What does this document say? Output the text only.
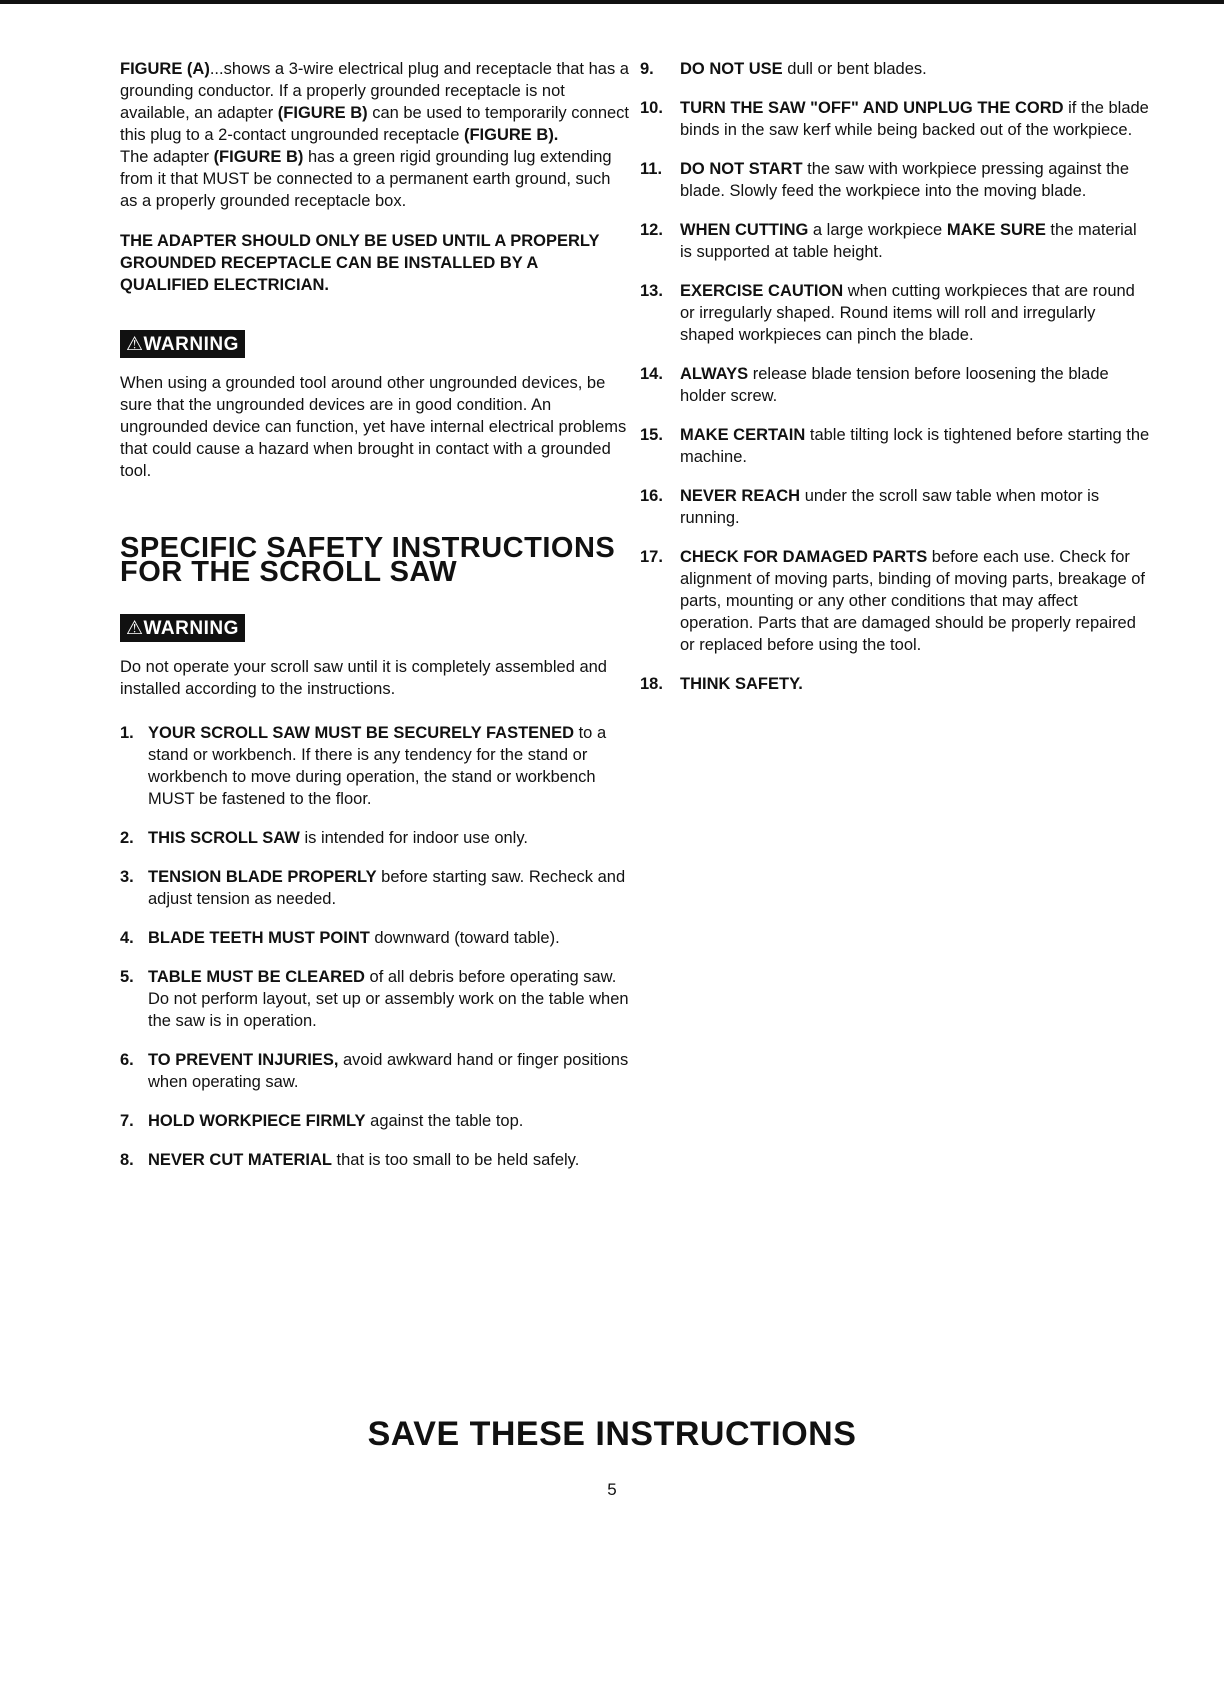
FIGURE (A)...shows a 3-wire electrical plug and receptacle that has a grounding conductor. If a properly grounded receptacle is not available, an adapter (FIGURE B) can be used to temporarily connect this plug to a 2-contact ungrounded receptacle (FIGURE B).
The adapter (FIGURE B) has a green rigid grounding lug extending from it that MUST be connected to a permanent earth ground, such as a properly grounded receptacle box.

THE ADAPTER SHOULD ONLY BE USED UNTIL A PROPERLY GROUNDED RECEPTACLE CAN BE INSTALLED BY A QUALIFIED ELECTRICIAN.

⚠WARNING

When using a grounded tool around other ungrounded devices, be sure that the ungrounded devices are in good condition. An ungrounded device can function, yet have internal electrical problems that could cause a hazard when brought in contact with a grounded tool.

SPECIFIC SAFETY INSTRUCTIONS
FOR THE SCROLL SAW
⚠WARNING

Do not operate your scroll saw until it is completely assembled and installed according to the instructions.

1. YOUR SCROLL SAW MUST BE SECURELY FASTENED to a stand or workbench. If there is any tendency for the stand or workbench to move during operation, the stand or workbench MUST be fastened to the floor.
2. THIS SCROLL SAW is intended for indoor use only.
3. TENSION BLADE PROPERLY before starting saw. Recheck and adjust tension as needed.
4. BLADE TEETH MUST POINT downward (toward table).
5. TABLE MUST BE CLEARED of all debris before operating saw. Do not perform layout, set up or assembly work on the table when the saw is in operation.
6. TO PREVENT INJURIES, avoid awkward hand or finger positions when operating saw.
7. HOLD WORKPIECE FIRMLY against the table top.
8. NEVER CUT MATERIAL that is too small to be held safely.
9. DO NOT USE dull or bent blades.
10. TURN THE SAW "OFF" AND UNPLUG THE CORD if the blade binds in the saw kerf while being backed out of the workpiece.
11. DO NOT START the saw with workpiece pressing against the blade. Slowly feed the workpiece into the moving blade.
12. WHEN CUTTING a large workpiece MAKE SURE the material is supported at table height.
13. EXERCISE CAUTION when cutting workpieces that are round or irregularly shaped. Round items will roll and irregularly shaped workpieces can pinch the blade.
14. ALWAYS release blade tension before loosening the blade holder screw.
15. MAKE CERTAIN table tilting lock is tightened before starting the machine.
16. NEVER REACH under the scroll saw table when motor is running.
17. CHECK FOR DAMAGED PARTS before each use. Check for alignment of moving parts, binding of moving parts, breakage of parts, mounting or any other conditions that may affect operation. Parts that are damaged should be properly repaired or replaced before using the tool.
18. THINK SAFETY.
SAVE THESE INSTRUCTIONS
5
